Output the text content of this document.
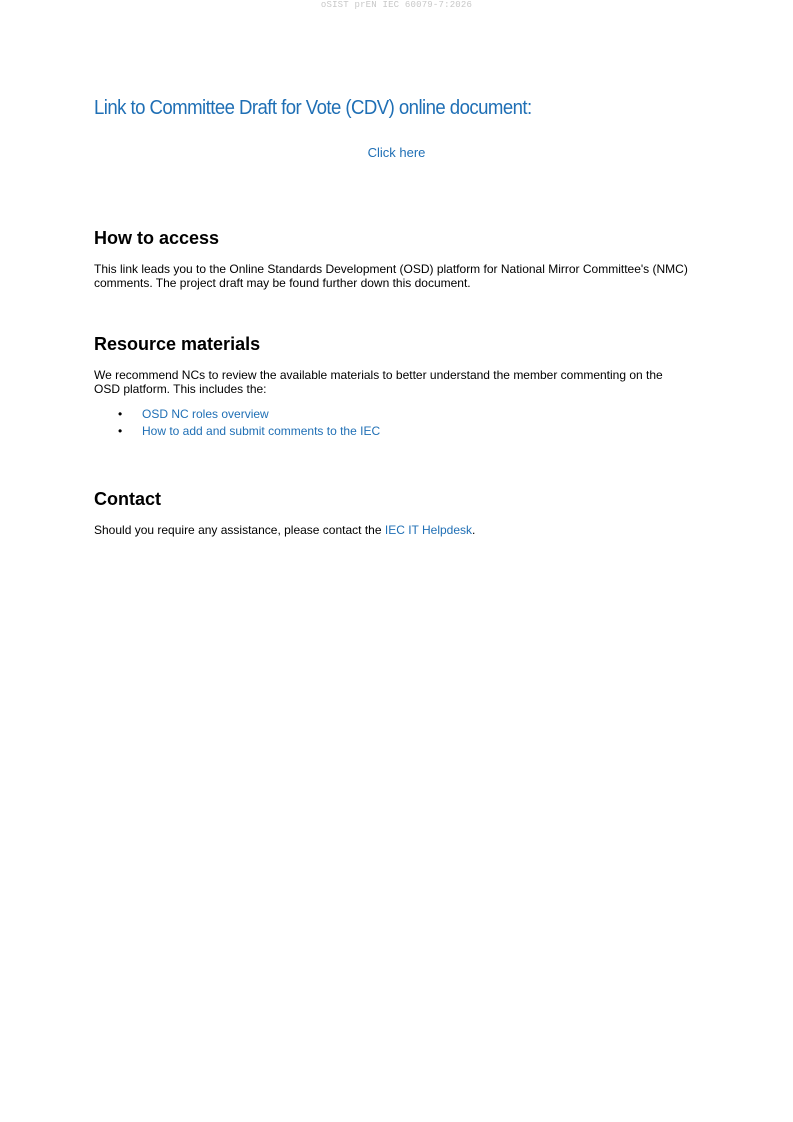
oSIST prEN IEC 60079-7:2026
Link to Committee Draft for Vote (CDV) online document:
Click here
How to access

This link leads you to the Online Standards Development (OSD) platform for National Mirror Committee's (NMC) comments. The project draft may be found further down this document.

Resource materials

We recommend NCs to review the available materials to better understand the member commenting on the OSD platform. This includes the:

• OSD NC roles overview
• How to add and submit comments to the IEC
Contact

Should you require any assistance, please contact the IEC IT Helpdesk.
